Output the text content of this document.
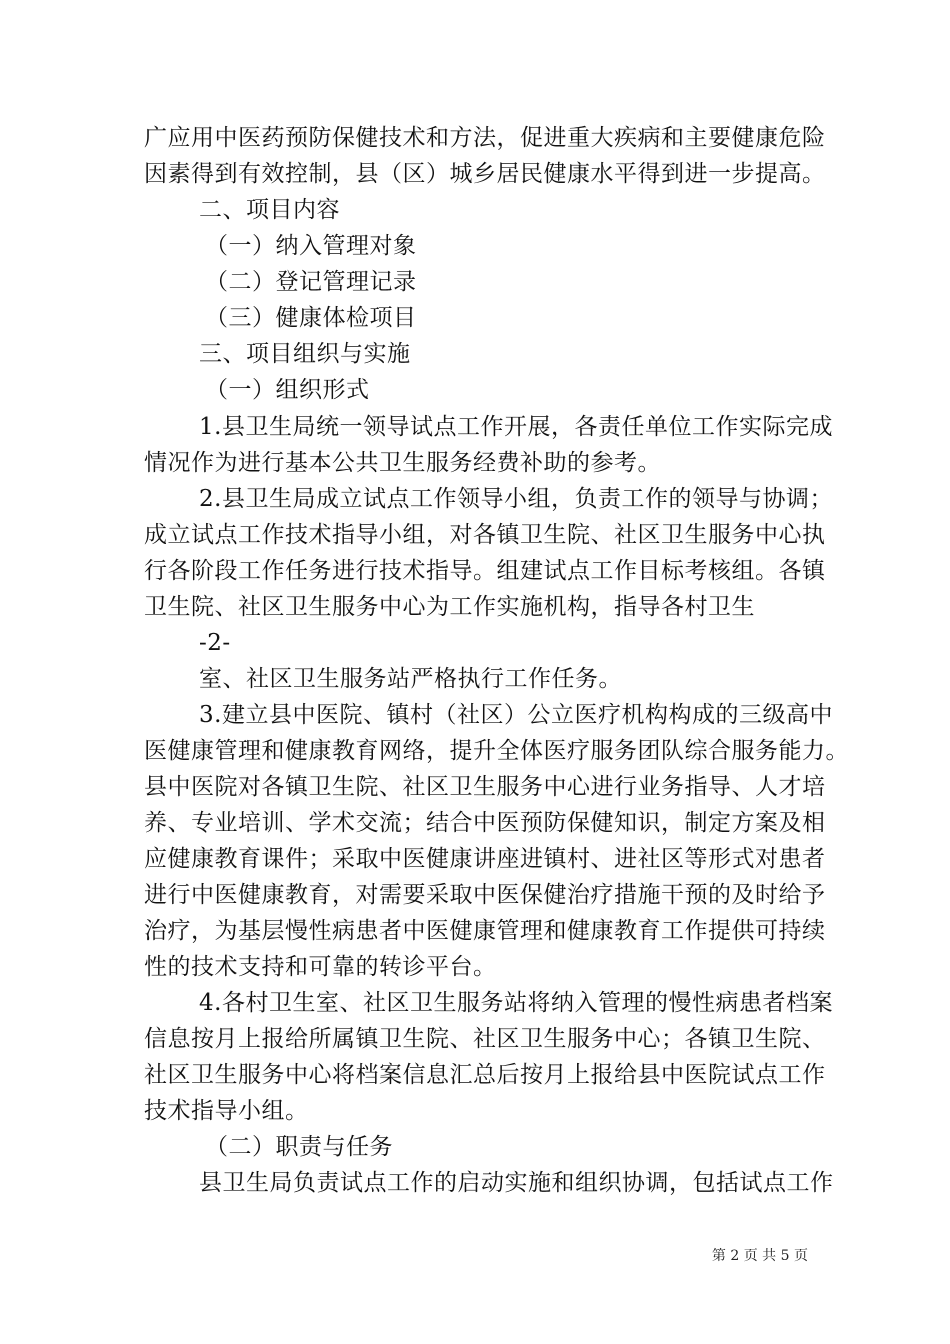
广应用中医药预防保健技术和方法，促进重大疾病和主要健康危险
因素得到有效控制，县（区）城乡居民健康水平得到进一步提高。
二、项目内容
（一）纳入管理对象
（二）登记管理记录
（三）健康体检项目
三、项目组织与实施
（一）组织形式
1.县卫生局统一领导试点工作开展，各责任单位工作实际完成
情况作为进行基本公共卫生服务经费补助的参考。
2.县卫生局成立试点工作领导小组，负责工作的领导与协调；
成立试点工作技术指导小组，对各镇卫生院、社区卫生服务中心执
行各阶段工作任务进行技术指导。组建试点工作目标考核组。各镇
卫生院、社区卫生服务中心为工作实施机构，指导各村卫生
-2-
室、社区卫生服务站严格执行工作任务。
3.建立县中医院、镇村（社区）公立医疗机构构成的三级高中
医健康管理和健康教育网络，提升全体医疗服务团队综合服务能力。
县中医院对各镇卫生院、社区卫生服务中心进行业务指导、人才培
养、专业培训、学术交流；结合中医预防保健知识，制定方案及相
应健康教育课件；采取中医健康讲座进镇村、进社区等形式对患者
进行中医健康教育，对需要采取中医保健治疗措施干预的及时给予
治疗，为基层慢性病患者中医健康管理和健康教育工作提供可持续
性的技术支持和可靠的转诊平台。
4.各村卫生室、社区卫生服务站将纳入管理的慢性病患者档案
信息按月上报给所属镇卫生院、社区卫生服务中心；各镇卫生院、
社区卫生服务中心将档案信息汇总后按月上报给县中医院试点工作
技术指导小组。
（二）职责与任务
县卫生局负责试点工作的启动实施和组织协调，包括试点工作
第 2 页 共 5 页
